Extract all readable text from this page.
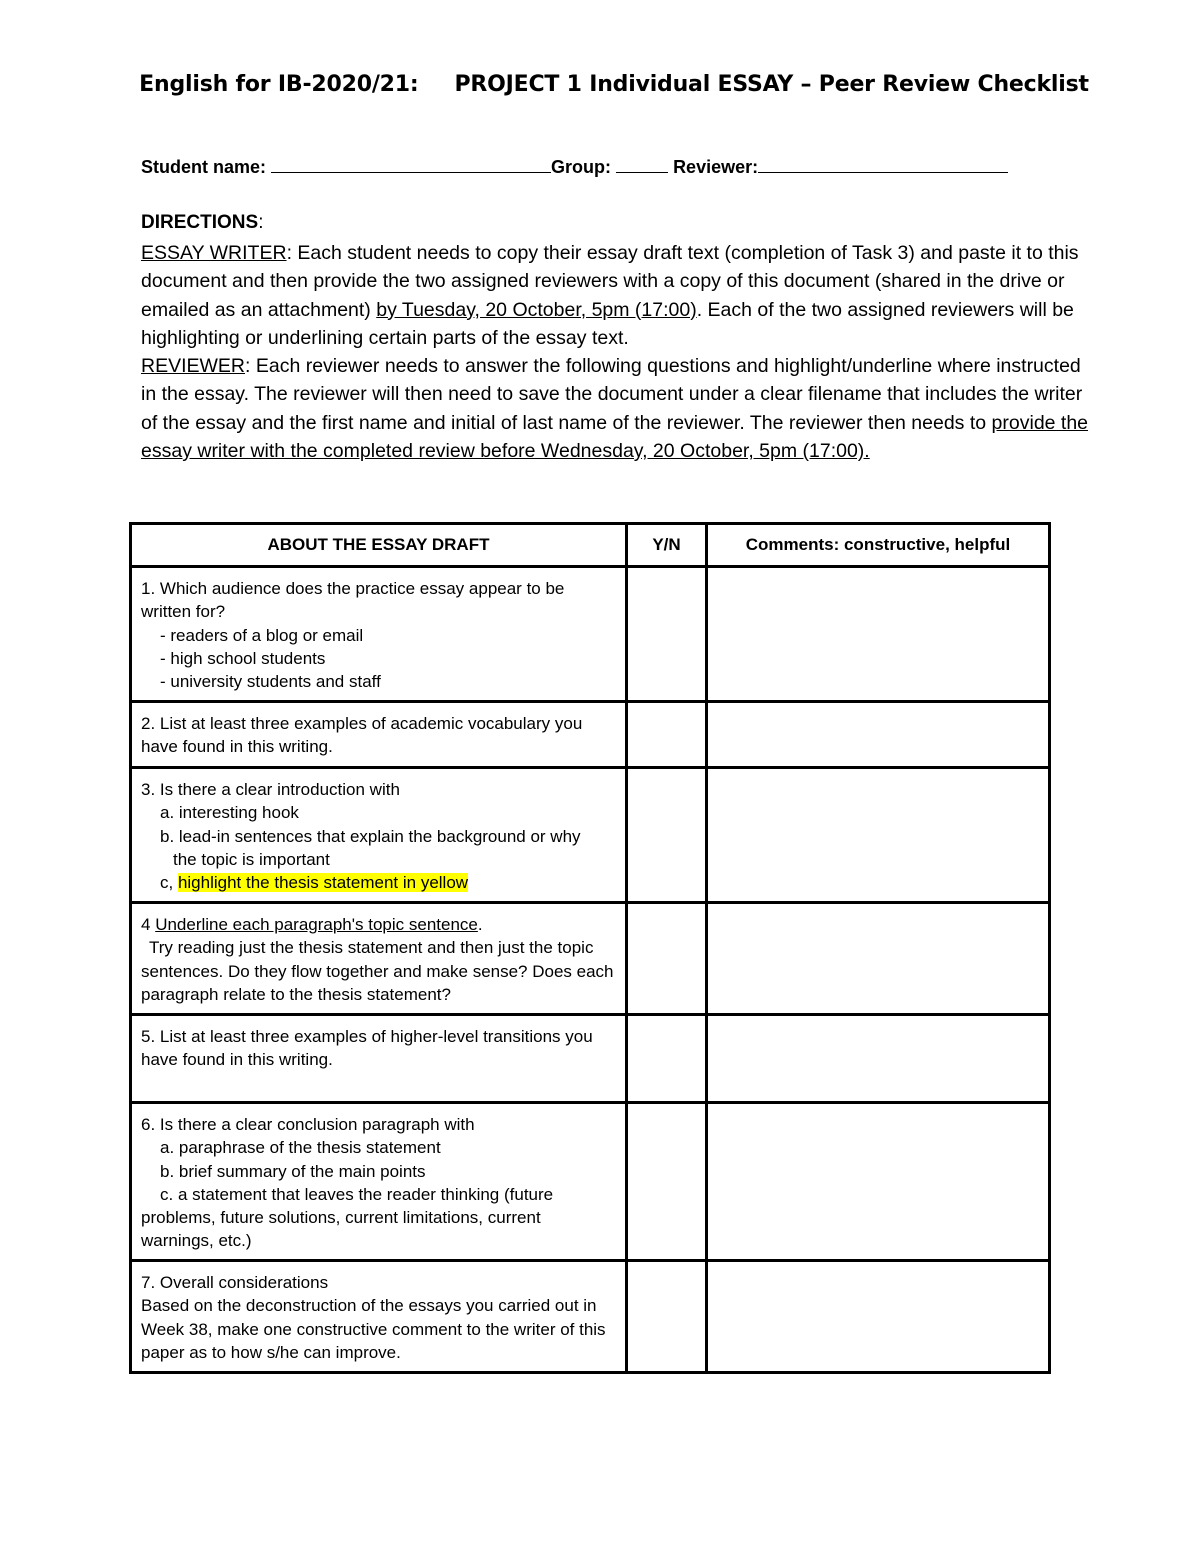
English for IB-2020/21: PROJECT 1 Individual ESSAY – Peer Review Checklist
Student name:	Group:	Reviewer:
DIRECTIONS:
ESSAY WRITER: Each student needs to copy their essay draft text (completion of Task 3) and paste it to this document and then provide the two assigned reviewers with a copy of this document (shared in the drive or emailed as an attachment) by Tuesday, 20 October, 5pm (17:00). Each of the two assigned reviewers will be highlighting or underlining certain parts of the essay text.
REVIEWER: Each reviewer needs to answer the following questions and highlight/underline where instructed in the essay. The reviewer will then need to save the document under a clear filename that includes the writer of the essay and the first name and initial of last name of the reviewer. The reviewer then needs to provide the essay writer with the completed review before Wednesday, 20 October, 5pm (17:00).
ABOUT THE ESSAY DRAFT	Y/N	Comments: constructive, helpful

1. Which audience does the practice essay appear to be written for?
- readers of a blog or email
- high school students
- university students and staff		

2. List at least three examples of academic vocabulary you have found in this writing.		

3. Is there a clear introduction with
a. interesting hook
b. lead-in sentences that explain the background or why
the topic is important
c, highlight the thesis statement in yellow		

4 Underline each paragraph's topic sentence.
Try reading just the thesis statement and then just the topic sentences. Do they flow together and make sense? Does each paragraph relate to the thesis statement?		

5. List at least three examples of higher-level transitions you have found in this writing.		

6. Is there a clear conclusion paragraph with
a. paraphrase of the thesis statement
b. brief summary of the main points
c. a statement that leaves the reader thinking (future
problems, future solutions, current limitations, current warnings, etc.)		

7. Overall considerations
Based on the deconstruction of the essays you carried out in Week 38, make one constructive comment to the writer of this paper as to how s/he can improve.		
